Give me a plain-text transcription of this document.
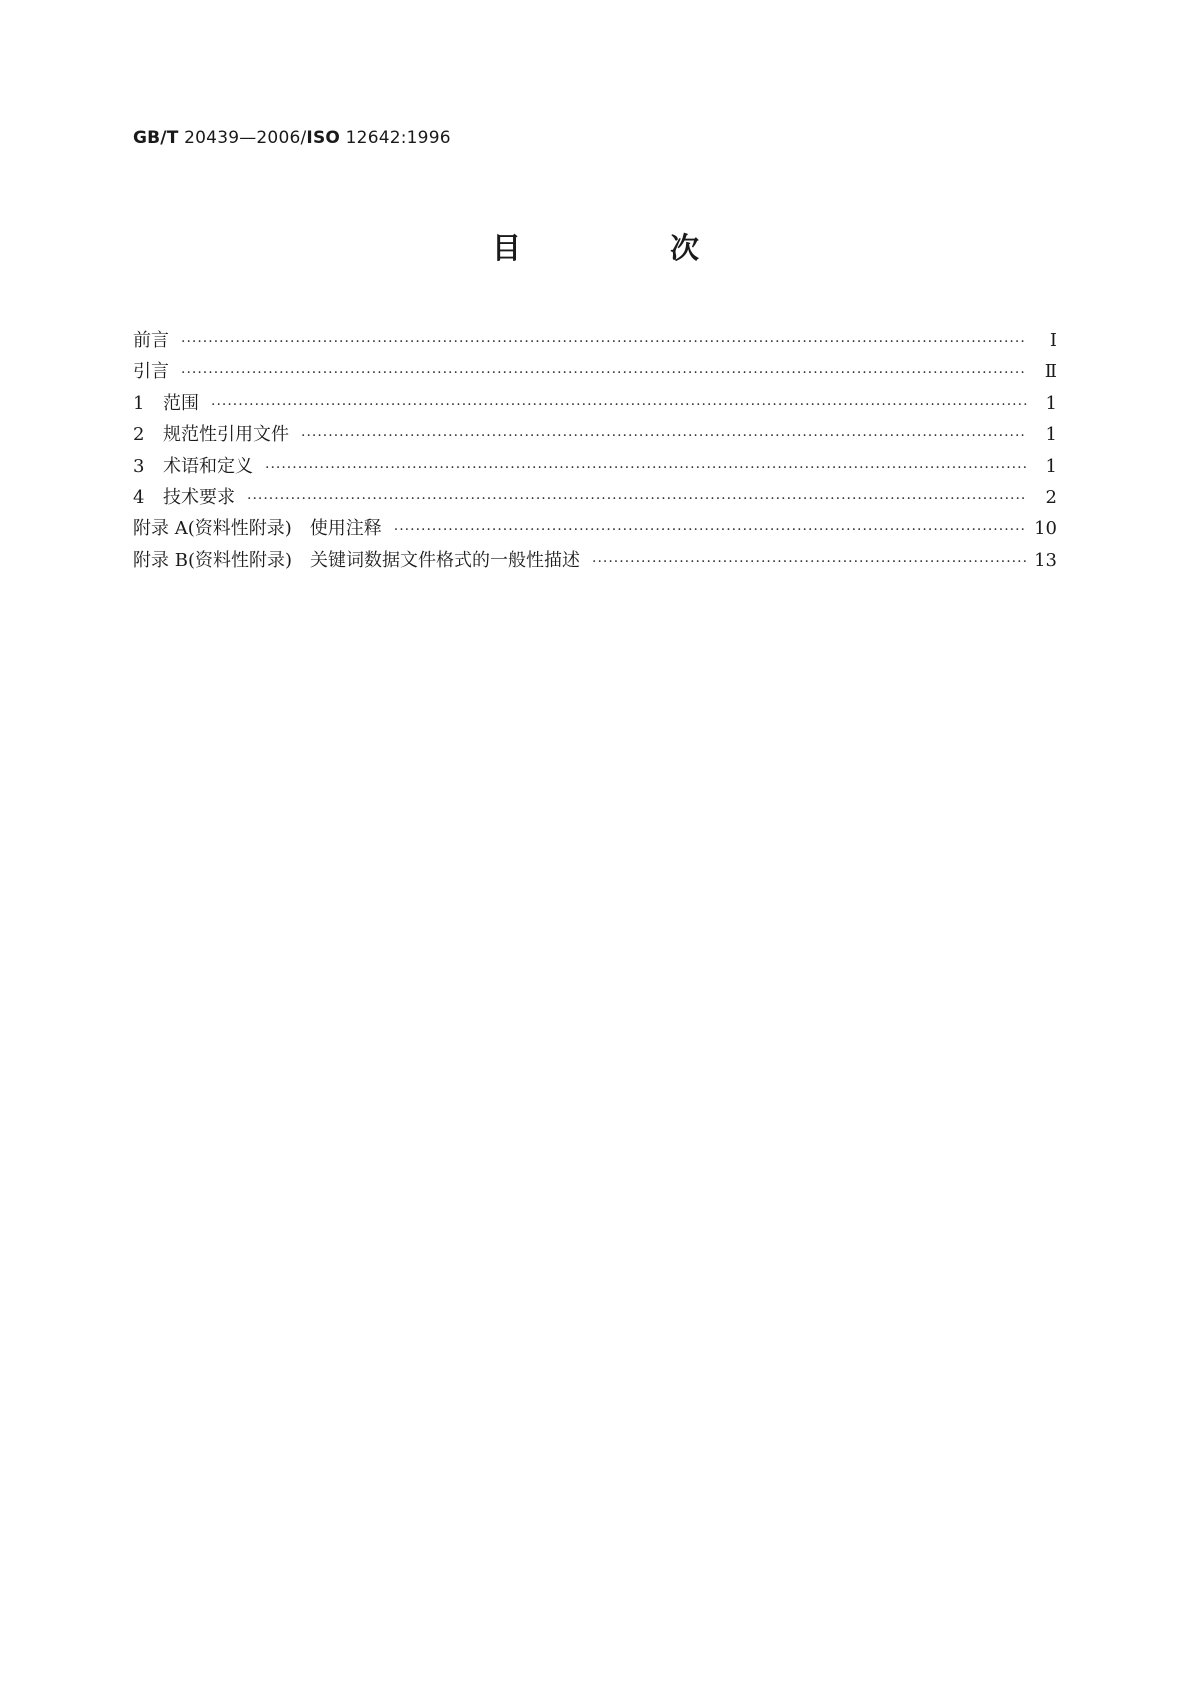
GB/T 20439—2006/ISO 12642:1996
目　次
前言 ·····	Ⅰ
引言 ·····	Ⅱ
1	范围 ·····	1
2	规范性引用文件 ·····	1
3	术语和定义 ·····	1
4	技术要求 ·····	2
附录 A(资料性附录)　使用注释 ·····	10
附录 B(资料性附录)　关键词数据文件格式的一般性描述 ·····	13
